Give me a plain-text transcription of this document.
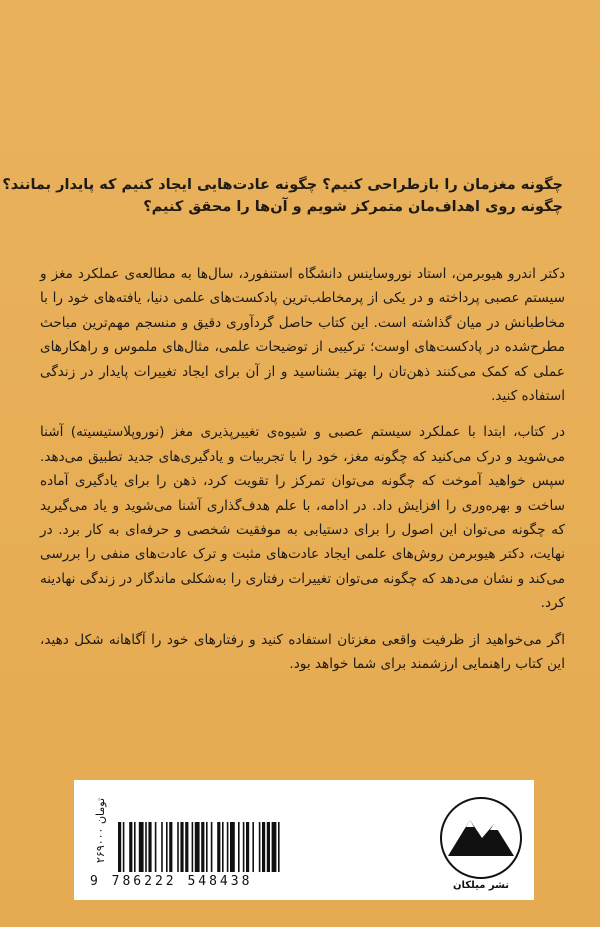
چگونه مغزمان را بازطراحی کنیم؟ چگونه عادت‌هایی ایجاد کنیم که پایدار بمانند؟

چگونه روی اهداف‌مان متمرکز شویم و آن‌ها را محقق کنیم؟

دکتر اندرو هیوبرمن، استاد نوروساینس دانشگاه استنفورد، سال‌ها به مطالعه‌ی عملکرد مغز و سیستم عصبی پرداخته و در یکی از پرمخاطب‌ترین پادکست‌های علمی دنیا، یافته‌های خود را با مخاطبانش در میان گذاشته است. این کتاب حاصل گردآوری دقیق و منسجم مهم‌ترین مباحث مطرح‌شده در پادکست‌های اوست؛ ترکیبی از توضیحات علمی، مثال‌های ملموس و راهکارهای عملی که کمک می‌کنند ذهن‌تان را بهتر بشناسید و از آن برای ایجاد تغییرات پایدار در زندگی استفاده کنید.

در کتاب، ابتدا با عملکرد سیستم عصبی و شیوه‌ی تغییرپذیری مغز (نوروپلاستیسیته) آشنا می‌شوید و درک می‌کنید که چگونه مغز، خود را با تجربیات و یادگیری‌های جدید تطبیق می‌دهد. سپس خواهید آموخت که چگونه می‌توان تمرکز را تقویت کرد، ذهن را برای یادگیری آماده ساخت و بهره‌وری را افزایش داد. در ادامه، با علم هدف‌گذاری آشنا می‌شوید و یاد می‌گیرید که چگونه می‌توان این اصول را برای دستیابی به موفقیت شخصی و حرفه‌ای به کار برد. در نهایت، دکتر هیوبرمن روش‌های علمی ایجاد عادت‌های مثبت و ترک عادت‌های منفی را بررسی می‌کند و نشان می‌دهد که چگونه می‌توان تغییرات رفتاری را به‌شکلی ماندگار در زندگی نهادینه کرد.

اگر می‌خواهید از ظرفیت واقعی مغزتان استفاده کنید و رفتارهای خود را آگاهانه شکل دهید، این کتاب راهنمایی ارزشمند برای شما خواهد بود.

۲۶۹۰۰۰ تومان
9 786222 548438	نشر میلکان
